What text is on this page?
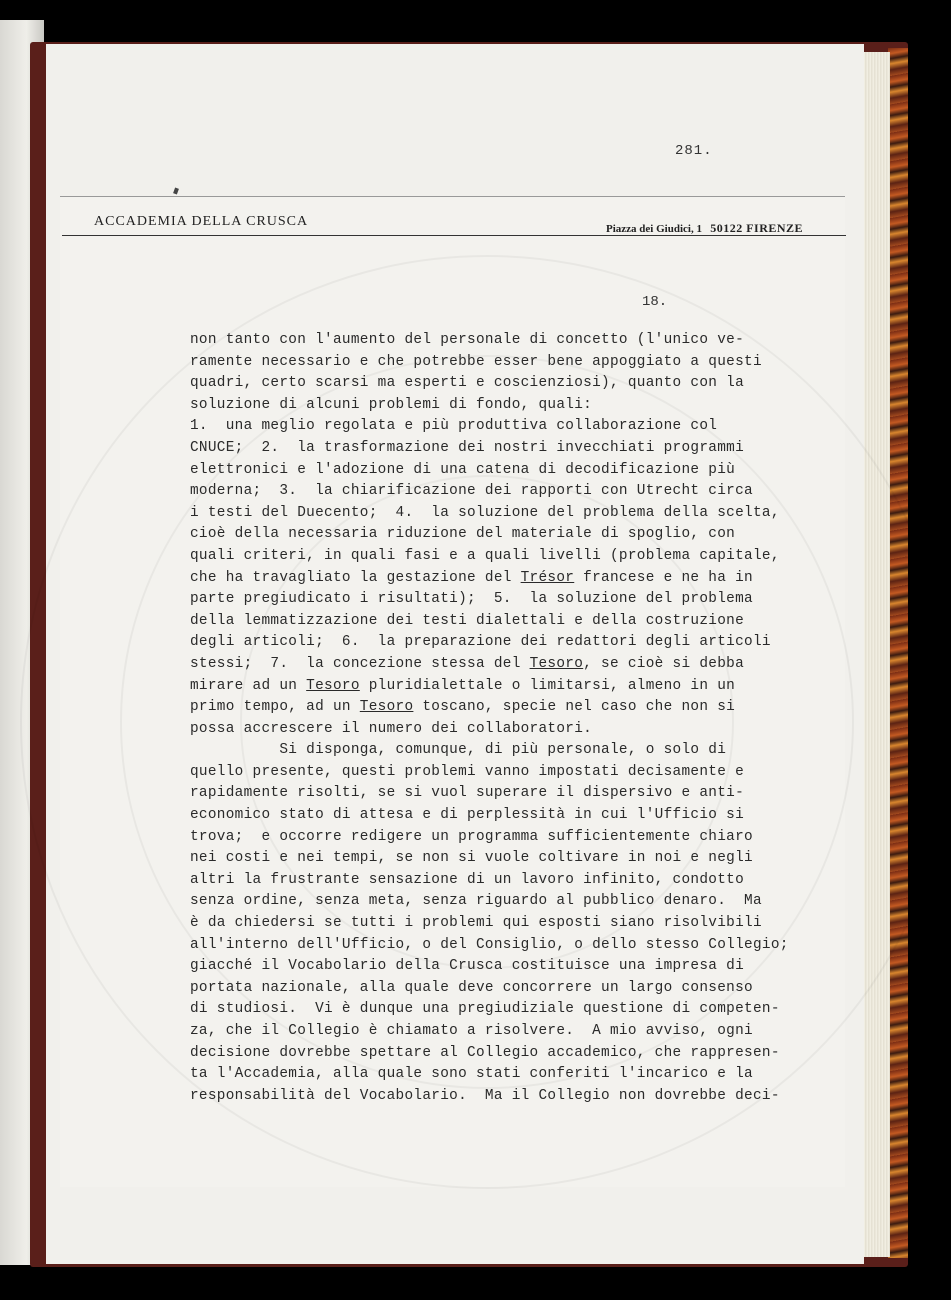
281.
ACCADEMIA DELLA CRUSCA	Piazza dei Giudici, 1 50122 FIRENZE
18.
non tanto con l'aumento del personale di concetto (l'unico ve-
ramente necessario e che potrebbe esser bene appoggiato a questi
quadri, certo scarsi ma esperti e coscienziosi), quanto con la
soluzione di alcuni problemi di fondo, quali:
1.  una meglio regolata e più produttiva collaborazione col
CNUCE;  2.  la trasformazione dei nostri invecchiati programmi
elettronici e l'adozione di una catena di decodificazione più
moderna;  3.  la chiarificazione dei rapporti con Utrecht circa
i testi del Duecento;  4.  la soluzione del problema della scelta,
cioè della necessaria riduzione del materiale di spoglio, con
quali criteri, in quali fasi e a quali livelli (problema capitale,
che ha travagliato la gestazione del Trésor francese e ne ha in
parte pregiudicato i risultati);  5.  la soluzione del problema
della lemmatizzazione dei testi dialettali e della costruzione
degli articoli;  6.  la preparazione dei redattori degli articoli
stessi;  7.  la concezione stessa del Tesoro, se cioè si debba
mirare ad un Tesoro pluridialettale o limitarsi, almeno in un
primo tempo, ad un Tesoro toscano, specie nel caso che non si
possa accrescere il numero dei collaboratori.
Si disponga, comunque, di più personale, o solo di
quello presente, questi problemi vanno impostati decisamente e
rapidamente risolti, se si vuol superare il dispersivo e anti-
economico stato di attesa e di perplessità in cui l'Ufficio si
trova;  e occorre redigere un programma sufficientemente chiaro
nei costi e nei tempi, se non si vuole coltivare in noi e negli
altri la frustrante sensazione di un lavoro infinito, condotto
senza ordine, senza meta, senza riguardo al pubblico denaro.  Ma
è da chiedersi se tutti i problemi qui esposti siano risolvibili
all'interno dell'Ufficio, o del Consiglio, o dello stesso Collegio;
giacché il Vocabolario della Crusca costituisce una impresa di
portata nazionale, alla quale deve concorrere un largo consenso
di studiosi.  Vi è dunque una pregiudiziale questione di competen-
za, che il Collegio è chiamato a risolvere.  A mio avviso, ogni
decisione dovrebbe spettare al Collegio accademico, che rappresen-
ta l'Accademia, alla quale sono stati conferiti l'incarico e la
responsabilità del Vocabolario.  Ma il Collegio non dovrebbe deci-
